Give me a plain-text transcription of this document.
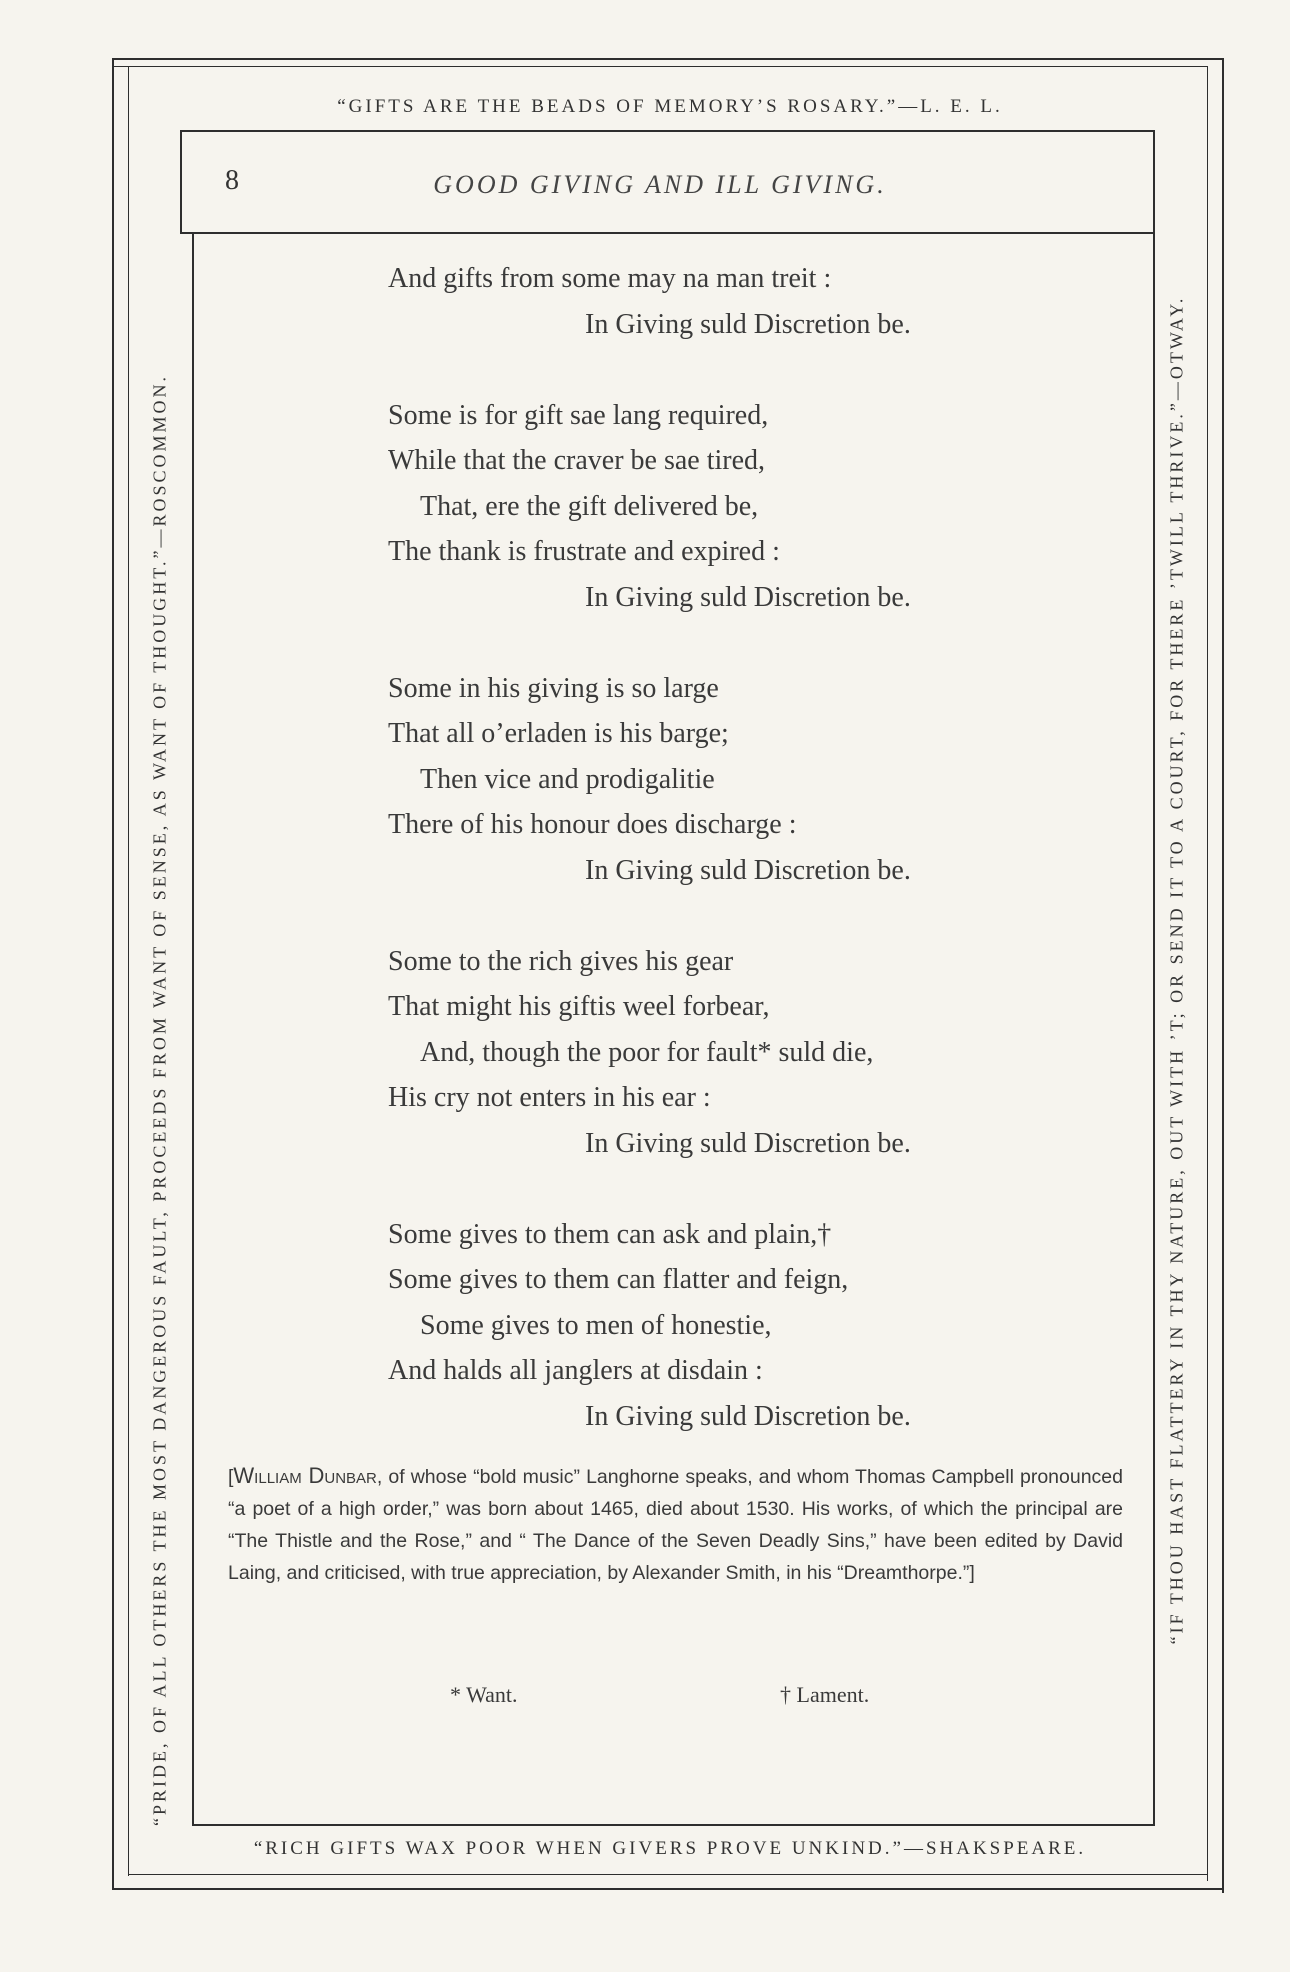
“GIFTS ARE THE BEADS OF MEMORY’S ROSARY.”—L. E. L.
“PRIDE, OF ALL OTHERS THE MOST DANGEROUS FAULT, PROCEEDS FROM WANT OF SENSE, AS WANT OF THOUGHT.”—ROSCOMMON.	“IF THOU HAST FLATTERY IN THY NATURE, OUT WITH ’T; OR SEND IT TO A COURT, FOR THERE ’TWILL THRIVE.”—OTWAY.
“RICH GIFTS WAX POOR WHEN GIVERS PROVE UNKIND.”—SHAKSPEARE.
8	GOOD GIVING AND ILL GIVING.
And gifts from some may na man treit :
In Giving suld Discretion be.
Some is for gift sae lang required,
While that the craver be sae tired,
That, ere the gift delivered be,
The thank is frustrate and expired :
In Giving suld Discretion be.
Some in his giving is so large
That all o’erladen is his barge;
Then vice and prodigalitie
There of his honour does discharge :
In Giving suld Discretion be.
Some to the rich gives his gear
That might his giftis weel forbear,
And, though the poor for fault* suld die,
His cry not enters in his ear :
In Giving suld Discretion be.
Some gives to them can ask and plain,†
Some gives to them can flatter and feign,
Some gives to men of honestie,
And halds all janglers at disdain :
In Giving suld Discretion be.
[William Dunbar, of whose “bold music” Langhorne speaks, and whom Thomas Campbell pronounced “a poet of a high order,” was born about 1465, died about 1530. His works, of which the principal are “The Thistle and the Rose,” and “ The Dance of the Seven Deadly Sins,” have been edited by David Laing, and criticised, with true appreciation, by Alexander Smith, in his “Dreamthorpe.”]
* Want.	† Lament.
